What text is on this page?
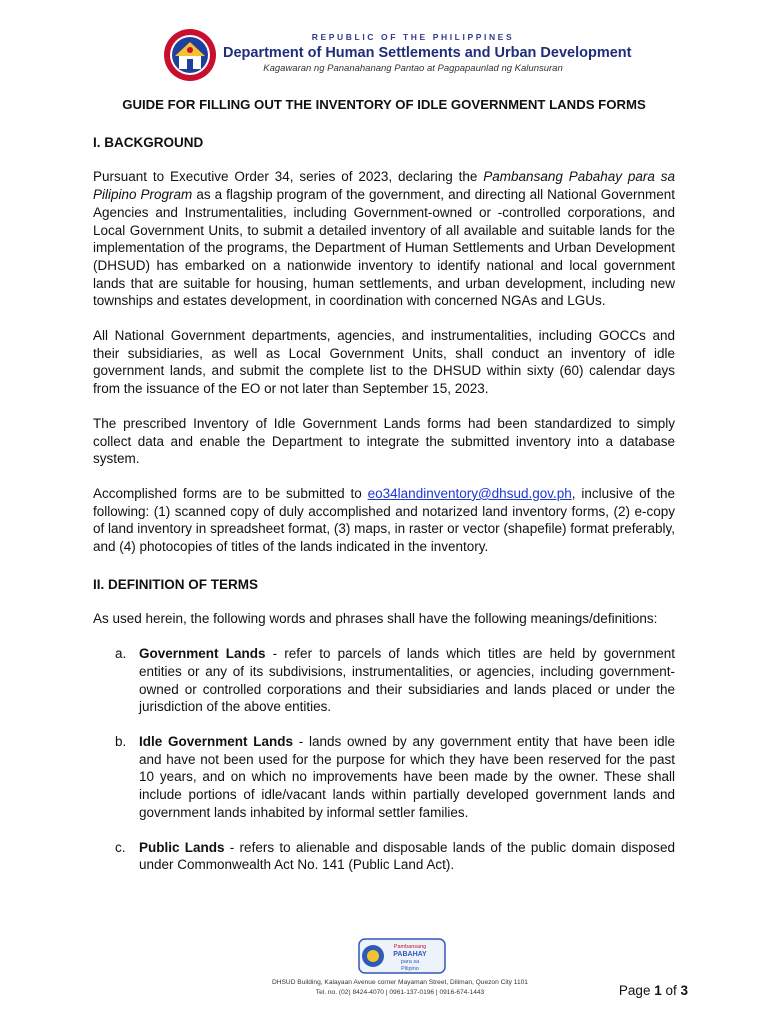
REPUBLIC OF THE PHILIPPINES
Department of Human Settlements and Urban Development
Kagawaran ng Pananahanang Pantao at Pagpapaunlad ng Kalunsuran
GUIDE FOR FILLING OUT THE INVENTORY OF IDLE GOVERNMENT LANDS FORMS
I. BACKGROUND

Pursuant to Executive Order 34, series of 2023, declaring the Pambansang Pabahay para sa Pilipino Program as a flagship program of the government, and directing all National Government Agencies and Instrumentalities, including Government-owned or -controlled corporations, and Local Government Units, to submit a detailed inventory of all available and suitable lands for the implementation of the programs, the Department of Human Settlements and Urban Development (DHSUD) has embarked on a nationwide inventory to identify national and local government lands that are suitable for housing, human settlements, and urban development, including new townships and estates development, in coordination with concerned NGAs and LGUs.

All National Government departments, agencies, and instrumentalities, including GOCCs and their subsidiaries, as well as Local Government Units, shall conduct an inventory of idle government lands, and submit the complete list to the DHSUD within sixty (60) calendar days from the issuance of the EO or not later than September 15, 2023.

The prescribed Inventory of Idle Government Lands forms had been standardized to simply collect data and enable the Department to integrate the submitted inventory into a database system.

Accomplished forms are to be submitted to eo34landinventory@dhsud.gov.ph, inclusive of the following: (1) scanned copy of duly accomplished and notarized land inventory forms, (2) e-copy of land inventory in spreadsheet format, (3) maps, in raster or vector (shapefile) format preferably, and (4) photocopies of titles of the lands indicated in the inventory.

II. DEFINITION OF TERMS

As used herein, the following words and phrases shall have the following meanings/definitions:

a. Government Lands - refer to parcels of lands which titles are held by government entities or any of its subdivisions, instrumentalities, or agencies, including government-owned or controlled corporations and their subsidiaries and lands placed or under the jurisdiction of the above entities.
b. Idle Government Lands - lands owned by any government entity that have been idle and have not been used for the purpose for which they have been reserved for the past 10 years, and on which no improvements have been made by the owner. These shall include portions of idle/vacant lands within partially developed government lands and government lands inhabited by informal settler families.
c. Public Lands - refers to alienable and disposable lands of the public domain disposed under Commonwealth Act No. 141 (Public Land Act).
Pambansang
PABAHAY
para sa
Pilipino
DHSUD Building, Kalayaan Avenue corner Mayaman Street, Diliman, Quezon City 1101
Tel. no. (02) 8424-4070 | 0961-137-0196 | 0916-674-1443	Page 1 of 3
